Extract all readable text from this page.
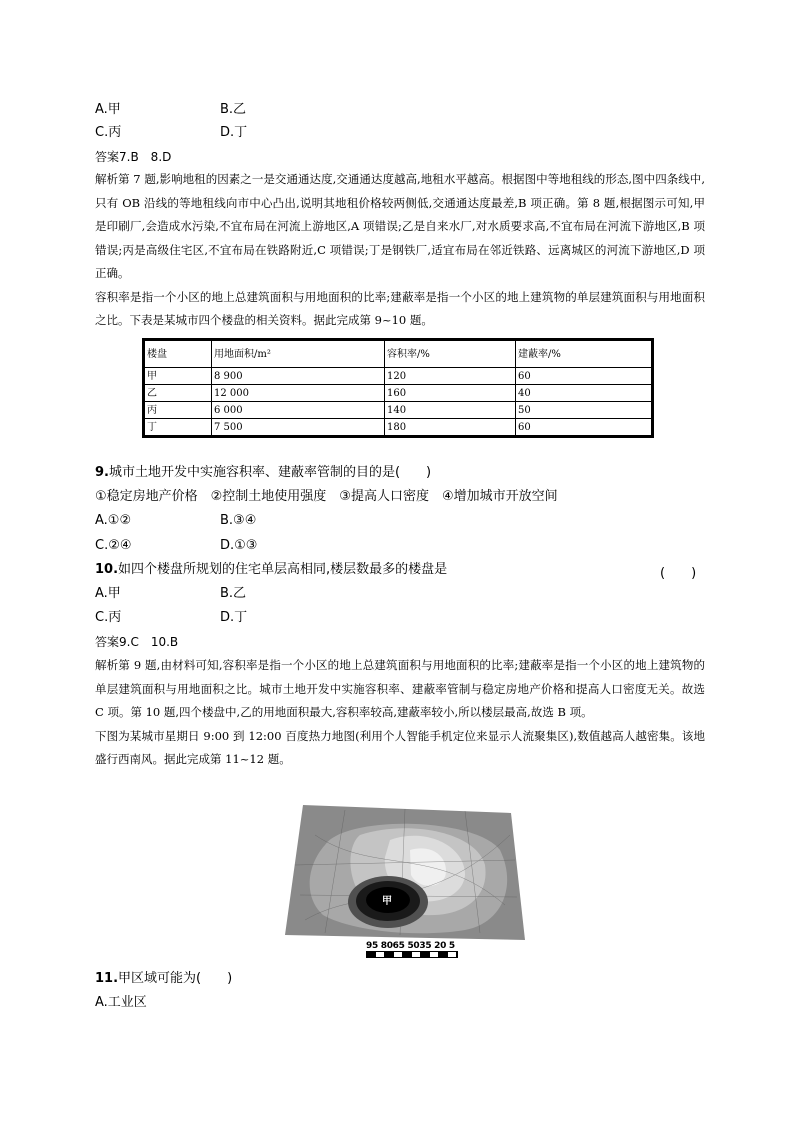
A.甲	B.乙
C.丙	D.丁
答案7.B　8.D

解析第 7 题,影响地租的因素之一是交通通达度,交通通达度越高,地租水平越高。根据图中等地租线的形态,图中四条线中,只有 OB 沿线的等地租线向市中心凸出,说明其地租价格较两侧低,交通通达度最差,B 项正确。第 8 题,根据图示可知,甲是印刷厂,会造成水污染,不宜布局在河流上游地区,A 项错误;乙是自来水厂,对水质要求高,不宜布局在河流下游地区,B 项错误;丙是高级住宅区,不宜布局在铁路附近,C 项错误;丁是钢铁厂,适宜布局在邻近铁路、远离城区的河流下游地区,D 项正确。

容积率是指一个小区的地上总建筑面积与用地面积的比率;建蔽率是指一个小区的地上建筑物的单层建筑面积与用地面积之比。下表是某城市四个楼盘的相关资料。据此完成第 9~10 题。

楼盘	用地面积/m²	容积率/%	建蔽率/%
甲	8 900	120	60
乙	12 000	160	40
丙	6 000	140	50
丁	7 500	180	60
9.城市土地开发中实施容积率、建蔽率管制的目的是(　　)
①稳定房地产价格　②控制土地使用强度　③提高人口密度　④增加城市开放空间
A.①②	B.③④
C.②④	D.①③
10.如四个楼盘所规划的住宅单层高相同,楼层数最多的楼盘是	(　　)
A.甲	B.乙
C.丙	D.丁
答案9.C　10.B

解析第 9 题,由材料可知,容积率是指一个小区的地上总建筑面积与用地面积的比率;建蔽率是指一个小区的地上建筑物的单层建筑面积与用地面积之比。城市土地开发中实施容积率、建蔽率管制与稳定房地产价格和提高人口密度无关。故选 C 项。第 10 题,四个楼盘中,乙的用地面积最大,容积率较高,建蔽率较小,所以楼层最高,故选 B 项。

下图为某城市星期日 9:00 到 12:00 百度热力地图(利用个人智能手机定位来显示人流聚集区),数值越高人越密集。该地盛行西南风。据此完成第 11~12 题。

甲
95 8065 5035 20 5
11.甲区域可能为(　　)
A.工业区
